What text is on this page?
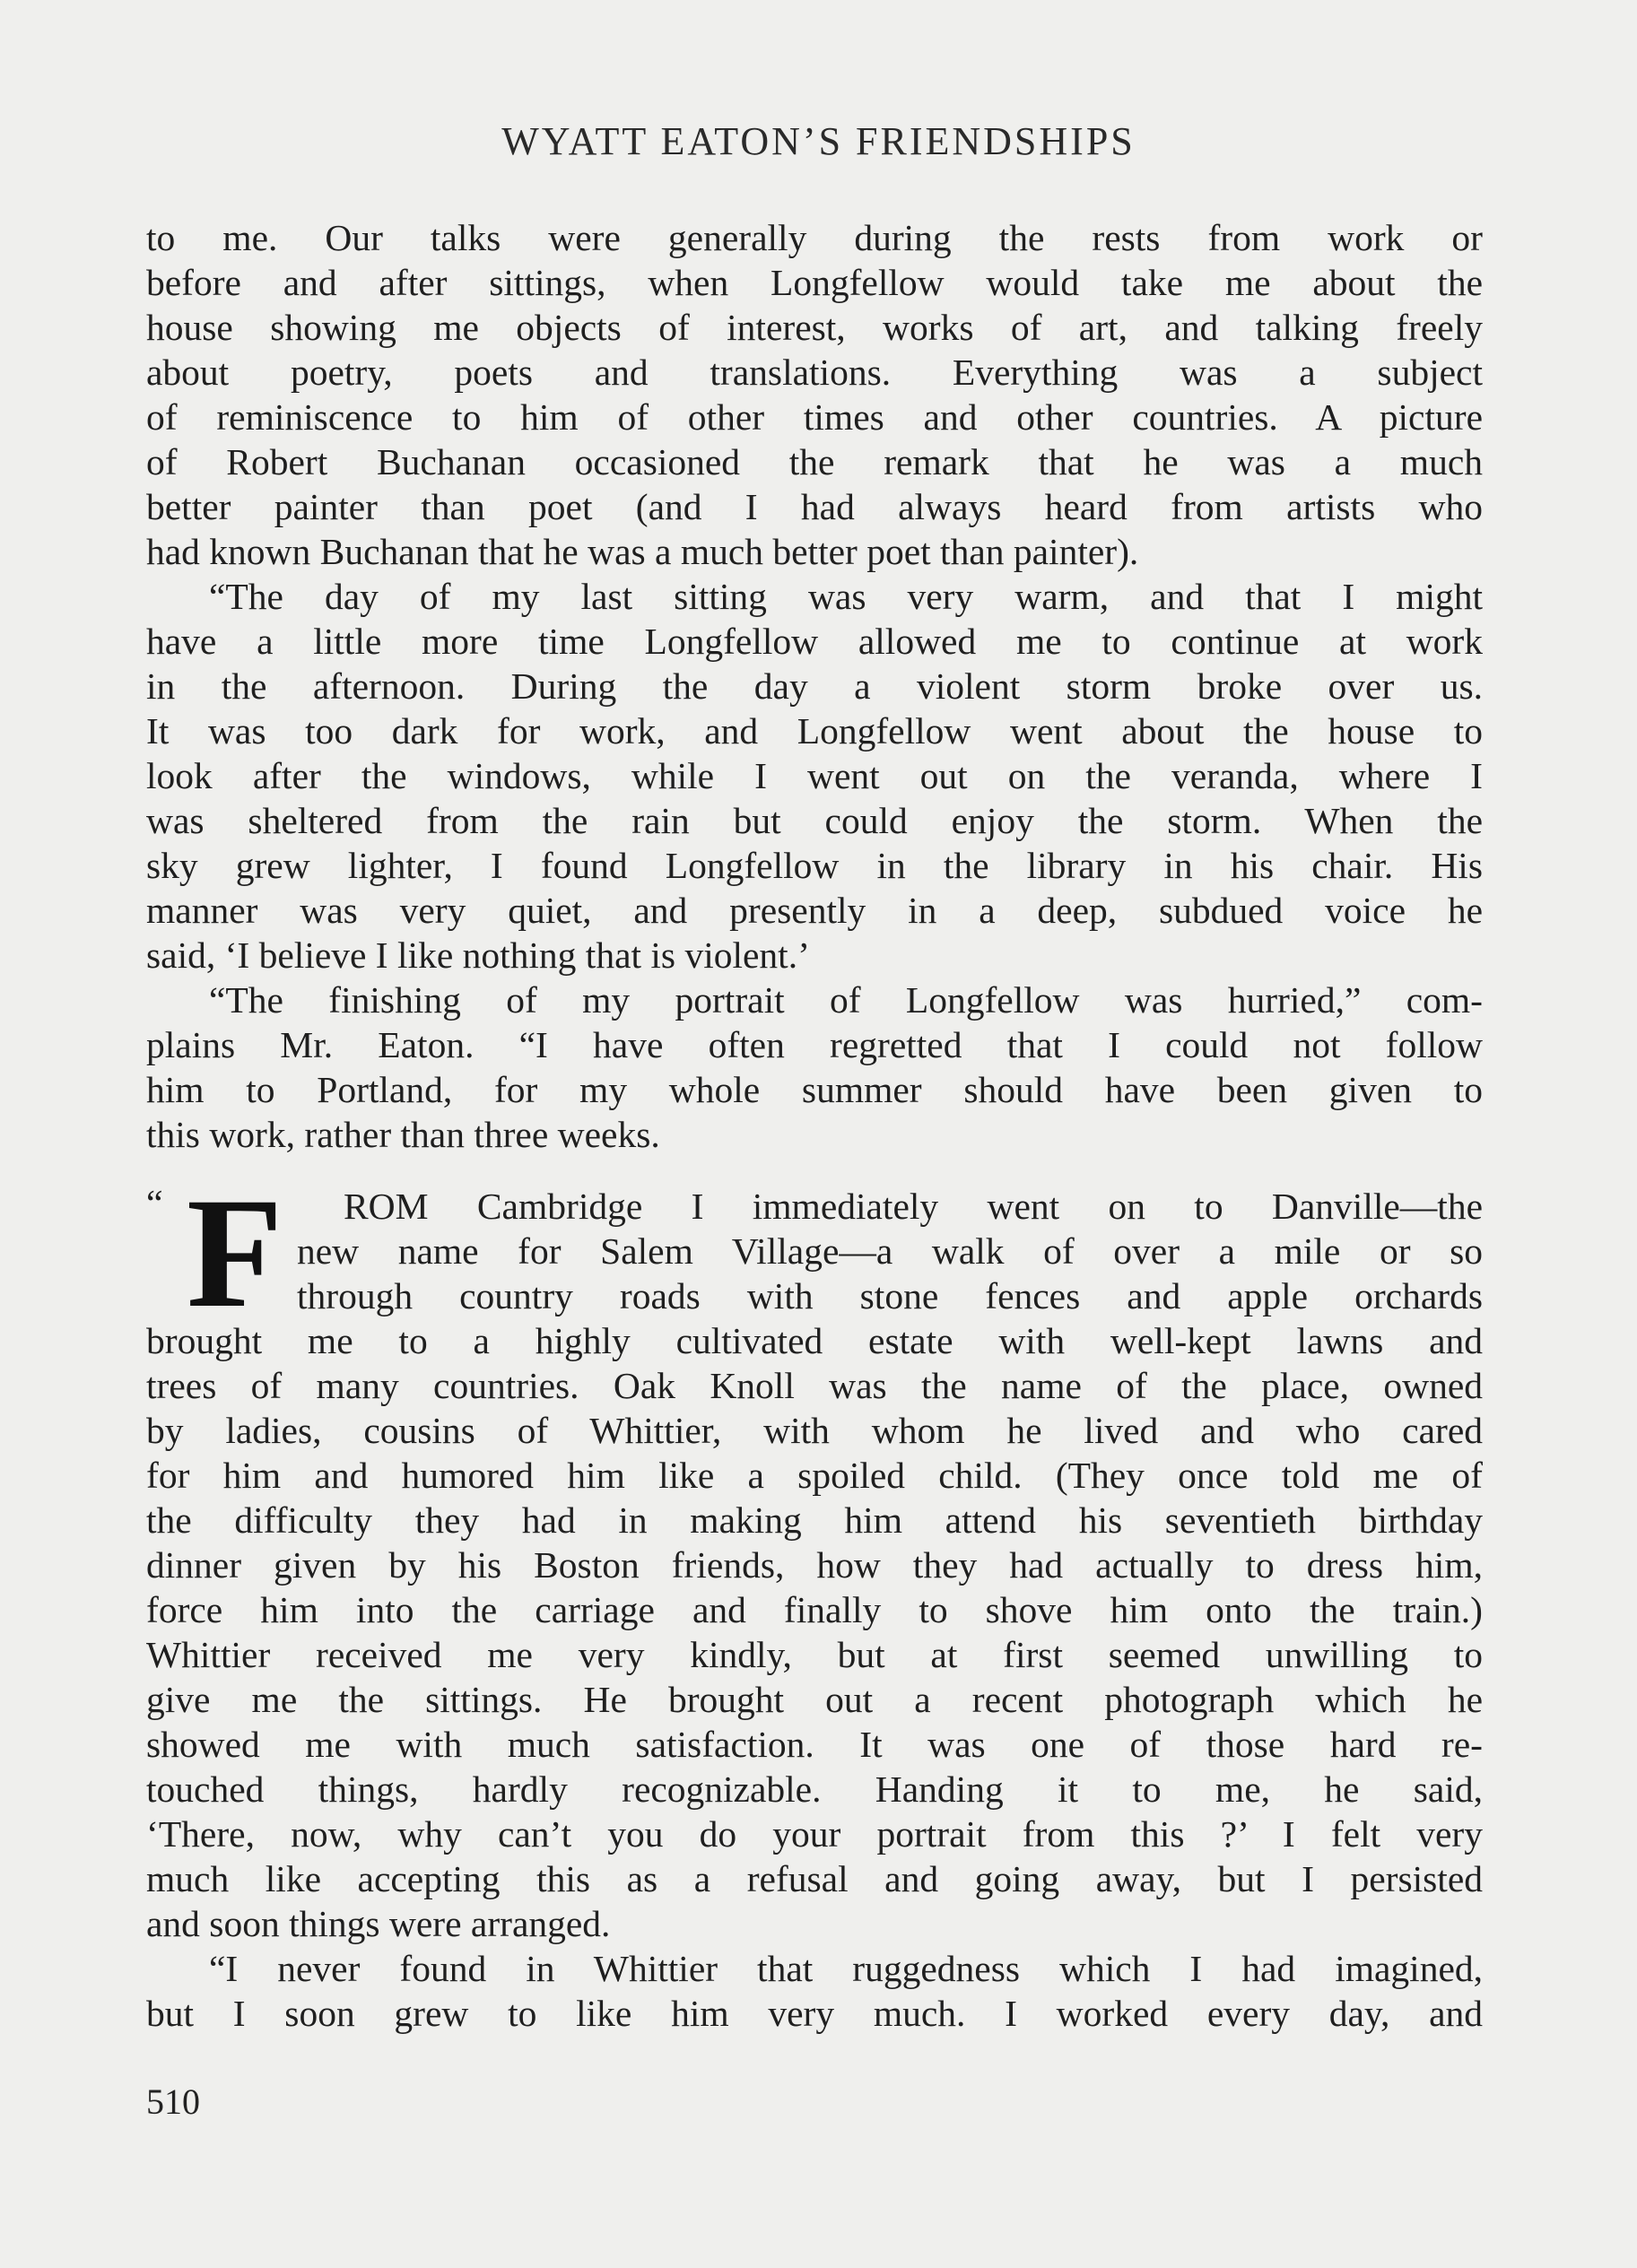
WYATT EATON’S FRIENDSHIPS
to me. Our talks were generally during the rests from work or
before and after sittings, when Longfellow would take me about the
house showing me objects of interest, works of art, and talking freely
about poetry, poets and translations. Everything was a subject
of reminiscence to him of other times and other countries. A picture
of Robert Buchanan occasioned the remark that he was a much
better painter than poet (and I had always heard from artists who
had known Buchanan that he was a much better poet than painter).
“The day of my last sitting was very warm, and that I might
have a little more time Longfellow allowed me to continue at work
in the afternoon. During the day a violent storm broke over us.
It was too dark for work, and Longfellow went about the house to
look after the windows, while I went out on the veranda, where I
was sheltered from the rain but could enjoy the storm. When the
sky grew lighter, I found Longfellow in the library in his chair. His
manner was very quiet, and presently in a deep, subdued voice he
said, ‘I believe I like nothing that is violent.’
“The finishing of my portrait of Longfellow was hurried,” com-
plains Mr. Eaton. “I have often regretted that I could not follow
him to Portland, for my whole summer should have been given to
this work, rather than three weeks.
“ F	ROM Cambridge I immediately went on to Danville—the
new name for Salem Village—a walk of over a mile or so
through country roads with stone fences and apple orchards
brought me to a highly cultivated estate with well-kept lawns and
trees of many countries. Oak Knoll was the name of the place, owned
by ladies, cousins of Whittier, with whom he lived and who cared
for him and humored him like a spoiled child. (They once told me of
the difficulty they had in making him attend his seventieth birthday
dinner given by his Boston friends, how they had actually to dress him,
force him into the carriage and finally to shove him onto the train.)
Whittier received me very kindly, but at first seemed unwilling to
give me the sittings. He brought out a recent photograph which he
showed me with much satisfaction. It was one of those hard re-
touched things, hardly recognizable. Handing it to me, he said,
‘There, now, why can’t you do your portrait from this ?’ I felt very
much like accepting this as a refusal and going away, but I persisted
and soon things were arranged.
“I never found in Whittier that ruggedness which I had imagined,
but I soon grew to like him very much. I worked every day, and
510
